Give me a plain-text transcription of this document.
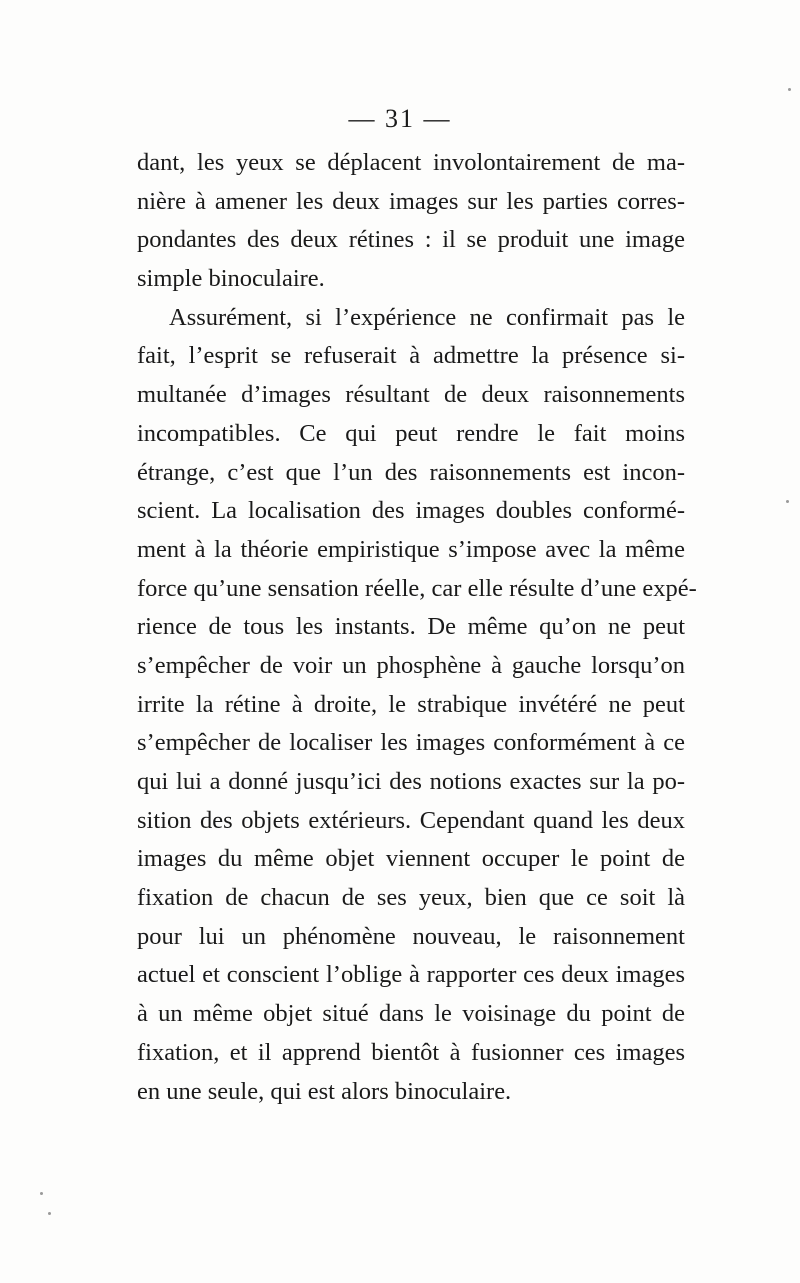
— 31 —
dant, les yeux se déplacent involontairement de ma-
nière à amener les deux images sur les parties corres-
pondantes des deux rétines : il se produit une image
simple binoculaire.
Assurément, si l’expérience ne confirmait pas le
fait, l’esprit se refuserait à admettre la présence si-
multanée d’images résultant de deux raisonnements
incompatibles. Ce qui peut rendre le fait moins
étrange, c’est que l’un des raisonnements est incon-
scient. La localisation des images doubles conformé-
ment à la théorie empiristique s’impose avec la même
force qu’une sensation réelle, car elle résulte d’une expé-
rience de tous les instants. De même qu’on ne peut
s’empêcher de voir un phosphène à gauche lorsqu’on
irrite la rétine à droite, le strabique invétéré ne peut
s’empêcher de localiser les images conformément à ce
qui lui a donné jusqu’ici des notions exactes sur la po-
sition des objets extérieurs. Cependant quand les deux
images du même objet viennent occuper le point de
fixation de chacun de ses yeux, bien que ce soit là
pour lui un phénomène nouveau, le raisonnement
actuel et conscient l’oblige à rapporter ces deux images
à un même objet situé dans le voisinage du point de
fixation, et il apprend bientôt à fusionner ces images
en une seule, qui est alors binoculaire.
